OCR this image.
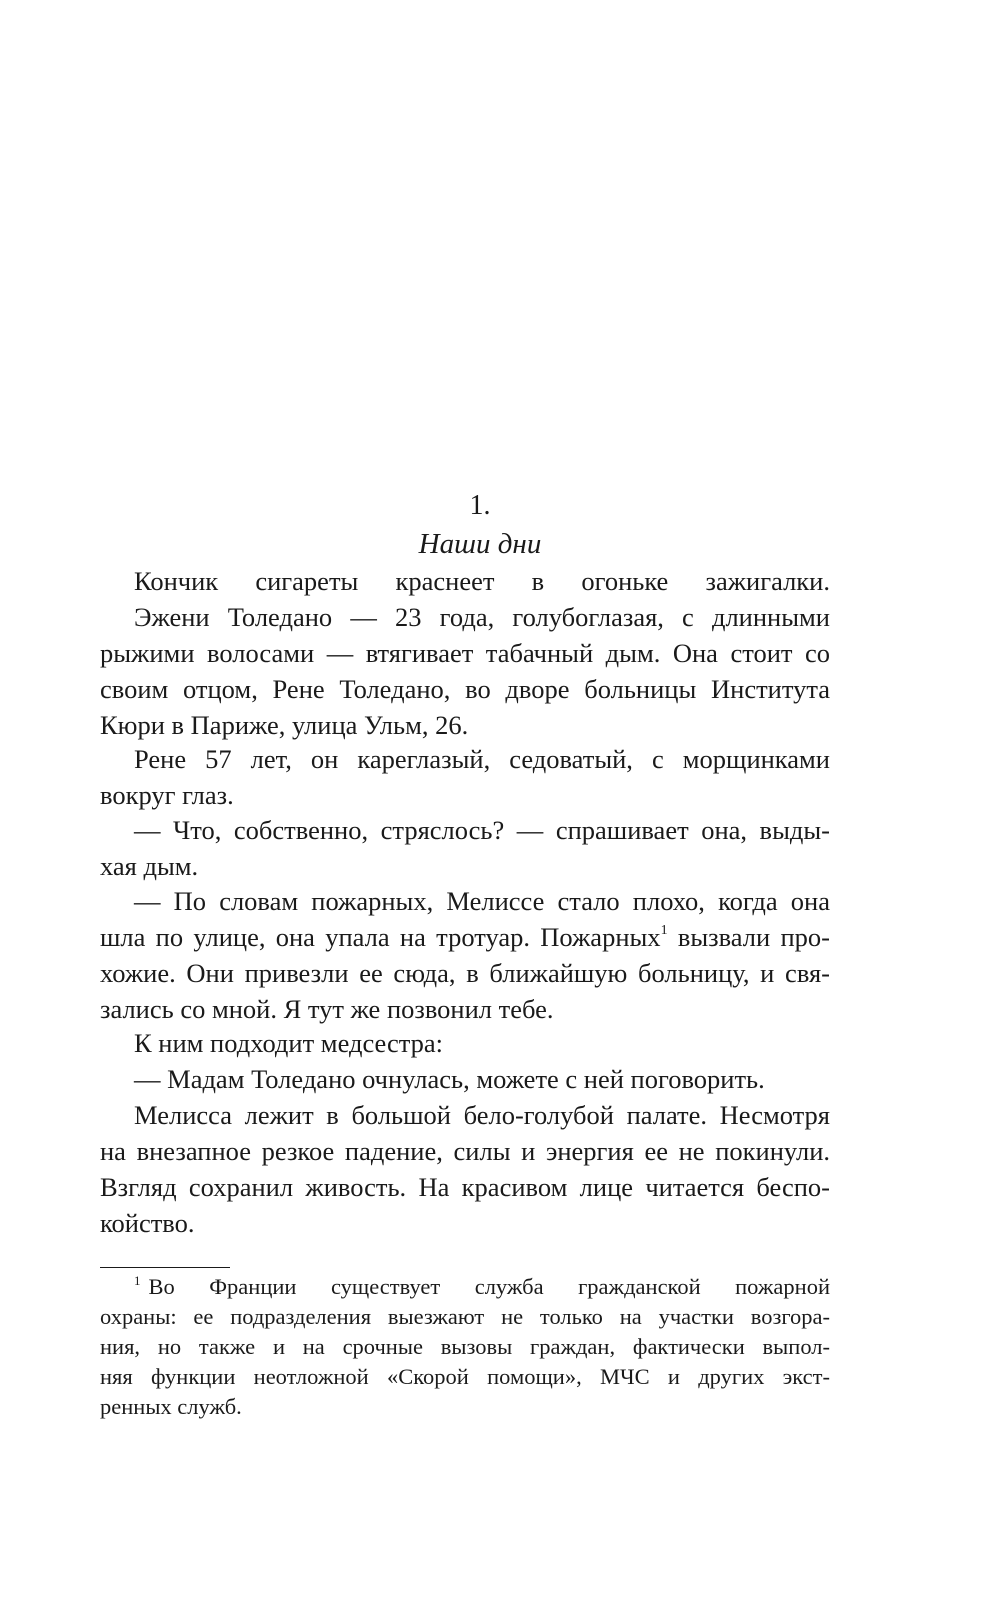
1.
Наши дни
Кончик сигареты краснеет в огоньке зажигалки.
Эжени Толедано — 23 года, голубоглазая, с длинными
рыжими волосами — втягивает табачный дым. Она стоит со
своим отцом, Рене Толедано, во дворе больницы Института
Кюри в Париже, улица Ульм, 26.
Рене 57 лет, он кареглазый, седоватый, с морщинками
вокруг глаз.
— Что, собственно, стряслось? — спрашивает она, выды-
хая дым.
— По словам пожарных, Мелиссе стало плохо, когда она
шла по улице, она упала на тротуар. Пожарных$^1$ вызвали про-
хожие. Они привезли ее сюда, в ближайшую больницу, и свя-
зались со мной. Я тут же позвонил тебе.
К ним подходит медсестра:
— Мадам Толедано очнулась, можете с ней поговорить.
Мелисса лежит в большой бело-голубой палате. Несмотря
на внезапное резкое падение, силы и энергия ее не покинули.
Взгляд сохранил живость. На красивом лице читается беспо-
койство.
$^1$ Во Франции существует служба гражданской пожарной
охраны: ее подразделения выезжают не только на участки возгора-
ния, но также и на срочные вызовы граждан, фактически выпол-
няя функции неотложной «Скорой помощи», МЧС и других экст-
ренных служб.
